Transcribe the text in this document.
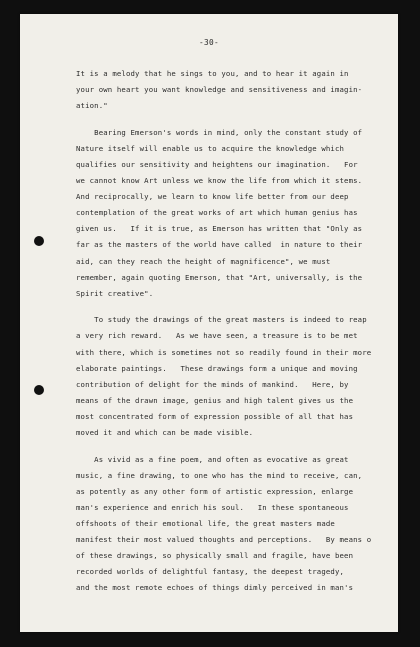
-30-
It is a melody that he sings to you, and to hear it again in
your own heart you want knowledge and sensitiveness and imagin-
ation."
Bearing Emerson's words in mind, only the constant study of
Nature itself will enable us to acquire the knowledge which
qualifies our sensitivity and heightens our imagination.   For
we cannot know Art unless we know the life from which it stems.
And reciprocally, we learn to know life better from our deep
contemplation of the great works of art which human genius has
given us.   If it is true, as Emerson has written that "Only as
far as the masters of the world have called  in nature to their
aid, can they reach the height of magnificence", we must
remember, again quoting Emerson, that "Art, universally, is the
Spirit creative".
To study the drawings of the great masters is indeed to reap
a very rich reward.   As we have seen, a treasure is to be met
with there, which is sometimes not so readily found in their more
elaborate paintings.   These drawings form a unique and moving
contribution of delight for the minds of mankind.   Here, by
means of the drawn image, genius and high talent gives us the
most concentrated form of expression possible of all that has
moved it and which can be made visible.
As vivid as a fine poem, and often as evocative as great
music, a fine drawing, to one who has the mind to receive, can,
as potently as any other form of artistic expression, enlarge
man's experience and enrich his soul.   In these spontaneous
offshoots of their emotional life, the great masters made
manifest their most valued thoughts and perceptions.   By means o
of these drawings, so physically small and fragile, have been
recorded worlds of delightful fantasy, the deepest tragedy,
and the most remote echoes of things dimly perceived in man's
